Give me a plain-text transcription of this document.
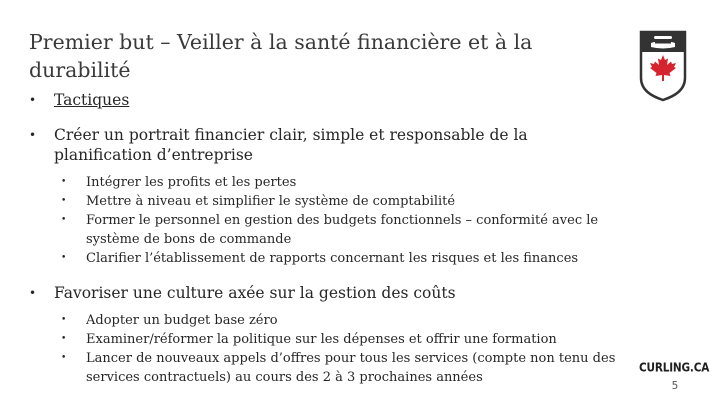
Premier but – Veiller à la santé financière et à la durabilité
• Tactiques
• Créer un portrait financier clair, simple et responsable de la planification d’entreprise
• Intégrer les profits et les pertes
• Mettre à niveau et simplifier le système de comptabilité
• Former le personnel en gestion des budgets fonctionnels – conformité avec le système de bons de commande
• Clarifier l’établissement de rapports concernant les risques et les finances
• Favoriser une culture axée sur la gestion des coûts
• Adopter un budget base zéro
• Examiner/réformer la politique sur les dépenses et offrir une formation
• Lancer de nouveaux appels d’offres pour tous les services (compte non tenu des services contractuels) au cours des 2 à 3 prochaines années
CURLING.CA
5
